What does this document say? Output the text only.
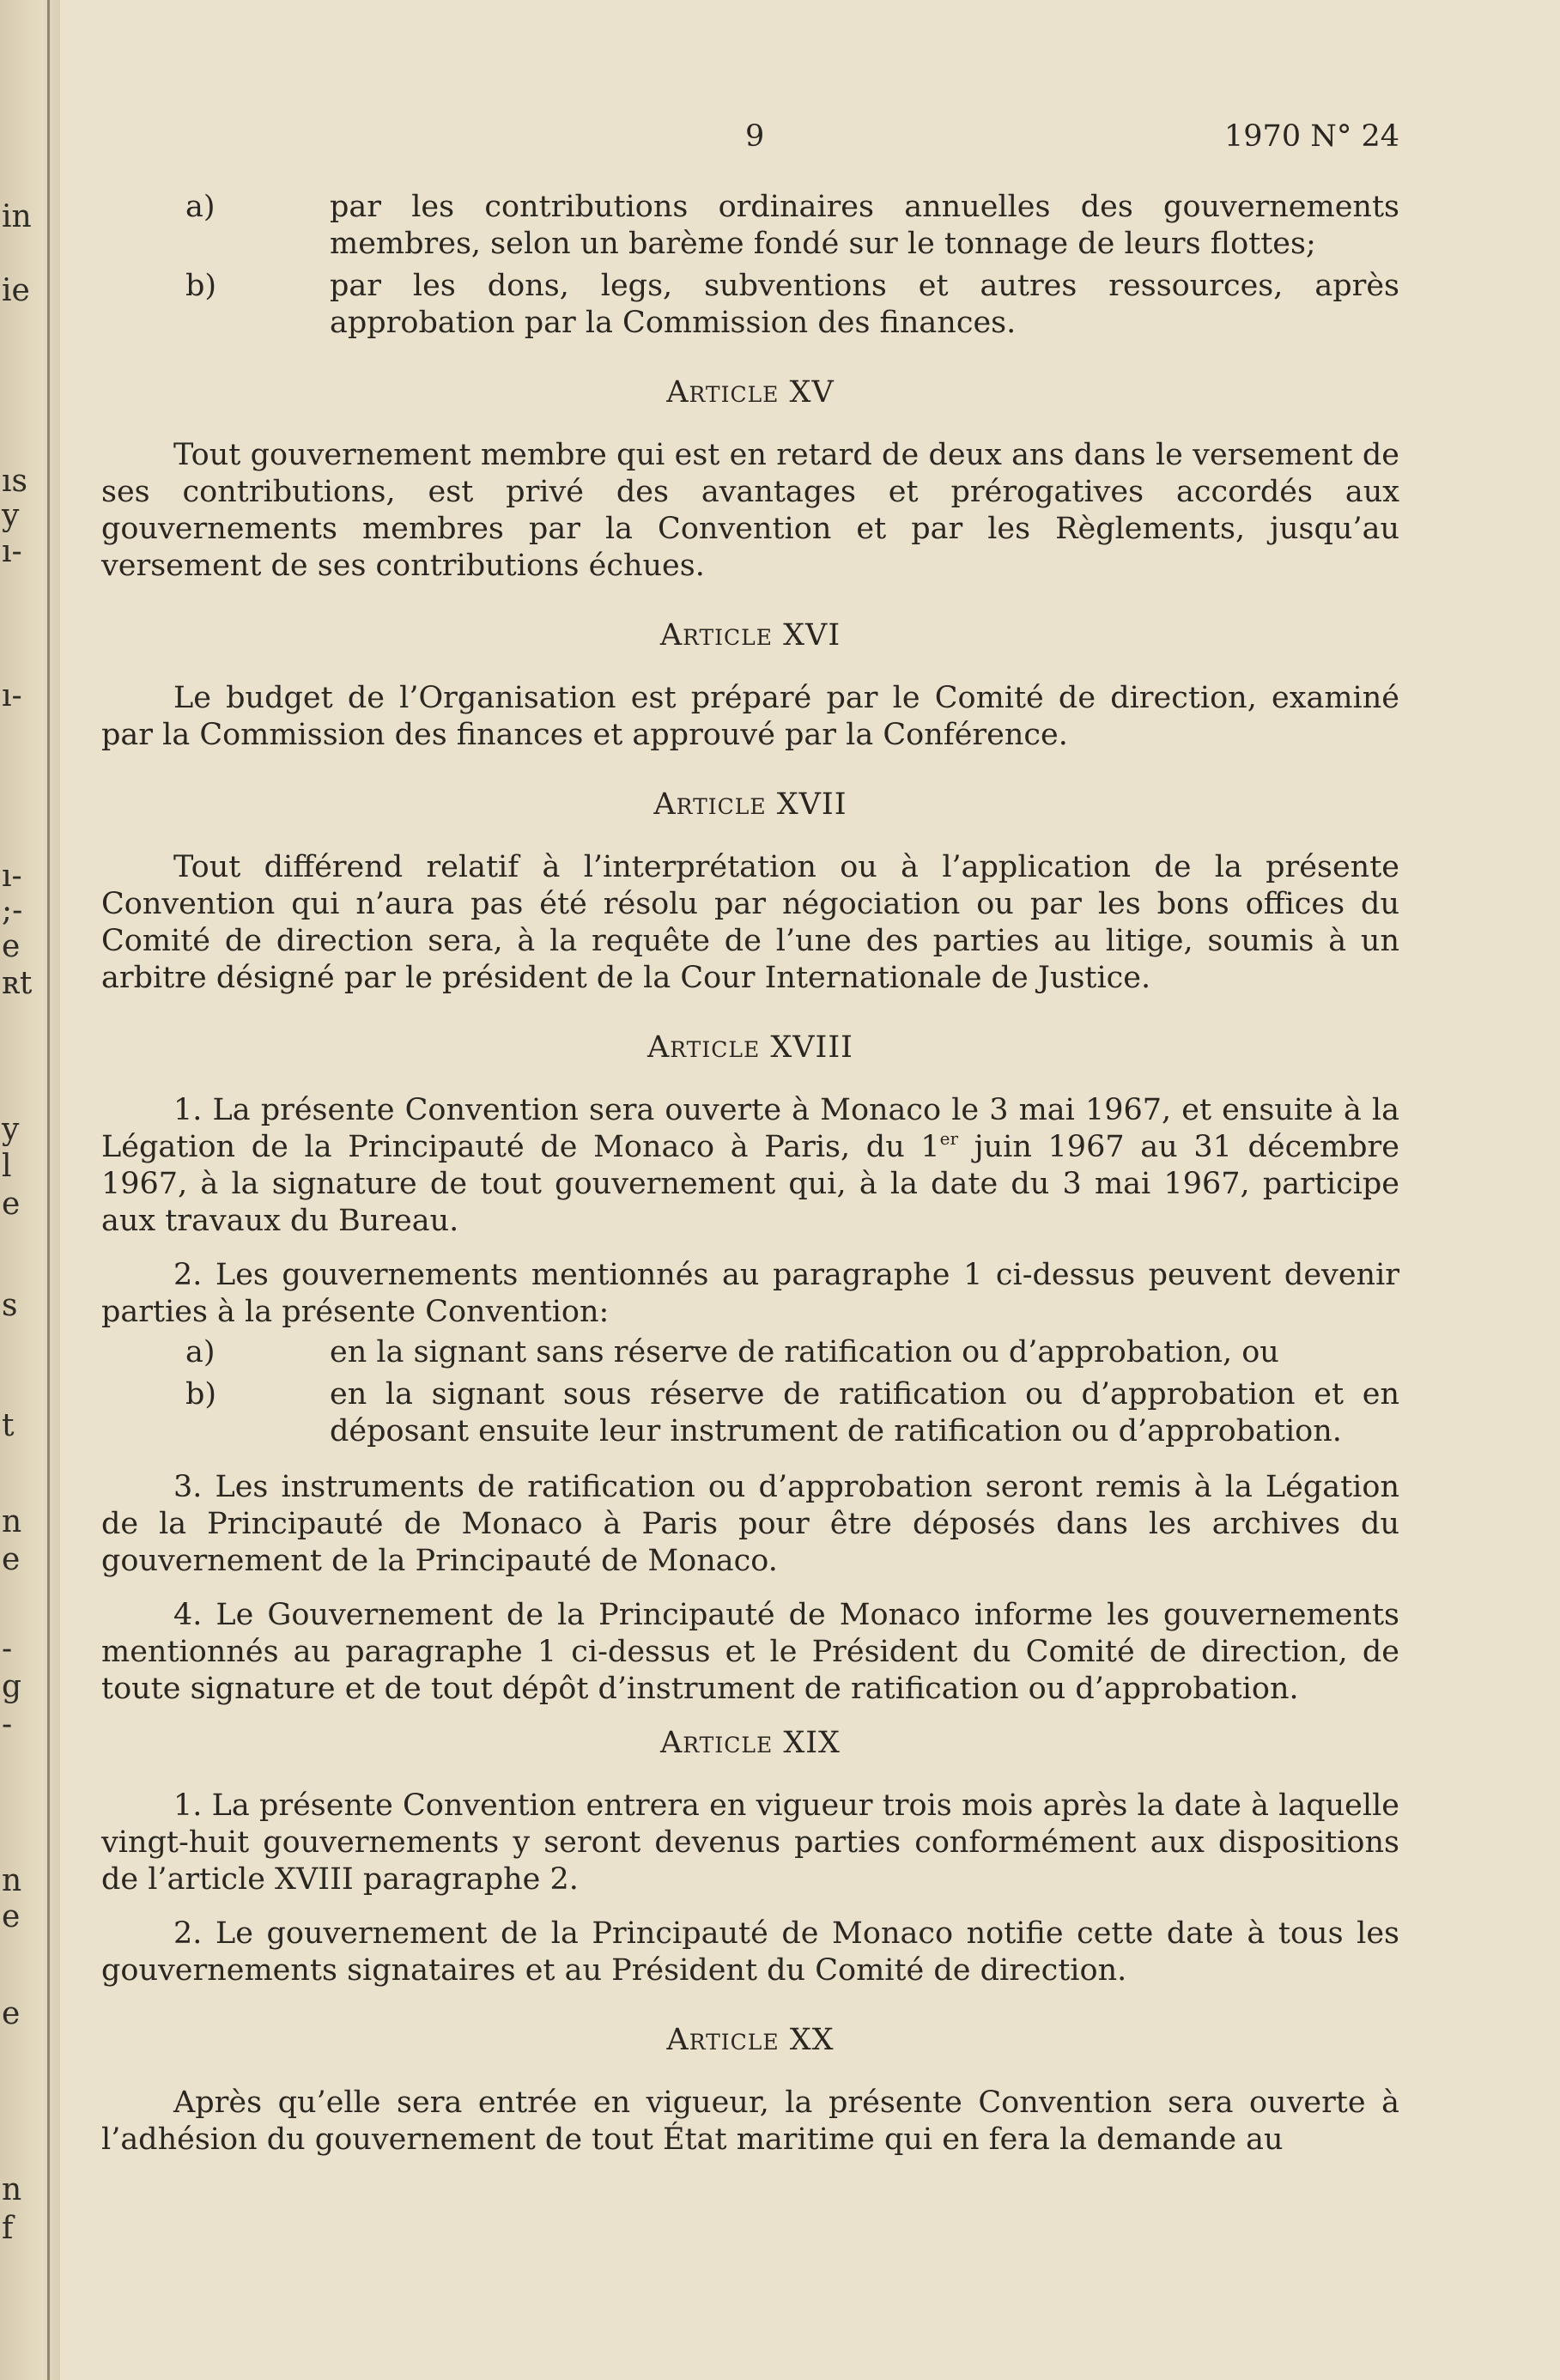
in
ie
ıs
y
ı-
ı-
ı-
;-
e
ʀt
y
l
e
s
t
n
e
-
g
-
n
e
e
n
f
9	1970 N° 24
a)	par les contributions ordinaires annuelles des gouvernements membres, selon un barème fondé sur le tonnage de leurs flottes;
b)	par les dons, legs, subventions et autres ressources, après approbation par la Commission des finances.
Article XV

Tout gouvernement membre qui est en retard de deux ans dans le versement de ses contributions, est privé des avantages et prérogatives accordés aux gouvernements membres par la Convention et par les Règlements, jusqu’au versement de ses contributions échues.

Article XVI

Le budget de l’Organisation est préparé par le Comité de direction, examiné par la Commission des finances et approuvé par la Conférence.

Article XVII

Tout différend relatif à l’interprétation ou à l’application de la présente Convention qui n’aura pas été résolu par négociation ou par les bons offices du Comité de direction sera, à la requête de l’une des parties au litige, soumis à un arbitre désigné par le président de la Cour Internationale de Justice.

Article XVIII

1. La présente Convention sera ouverte à Monaco le 3 mai 1967, et ensuite à la Légation de la Principauté de Monaco à Paris, du 1er juin 1967 au 31 décembre 1967, à la signature de tout gouvernement qui, à la date du 3 mai 1967, participe aux travaux du Bureau.

2. Les gouvernements mentionnés au paragraphe 1 ci-dessus peuvent devenir parties à la présente Convention:

a)	en la signant sans réserve de ratification ou d’approbation, ou
b)	en la signant sous réserve de ratification ou d’approbation et en déposant ensuite leur instrument de ratification ou d’approbation.

3. Les instruments de ratification ou d’approbation seront remis à la Légation de la Principauté de Monaco à Paris pour être déposés dans les archives du gouvernement de la Principauté de Monaco.

4. Le Gouvernement de la Principauté de Monaco informe les gouvernements mentionnés au paragraphe 1 ci-dessus et le Président du Comité de direction, de toute signature et de tout dépôt d’instrument de ratification ou d’approbation.

Article XIX

1. La présente Convention entrera en vigueur trois mois après la date à laquelle vingt-huit gouvernements y seront devenus parties conformément aux dispositions de l’article XVIII paragraphe 2.

2. Le gouvernement de la Principauté de Monaco notifie cette date à tous les gouvernements signataires et au Président du Comité de direction.

Article XX

Après qu’elle sera entrée en vigueur, la présente Convention sera ouverte à l’adhésion du gouvernement de tout État maritime qui en fera la demande au
